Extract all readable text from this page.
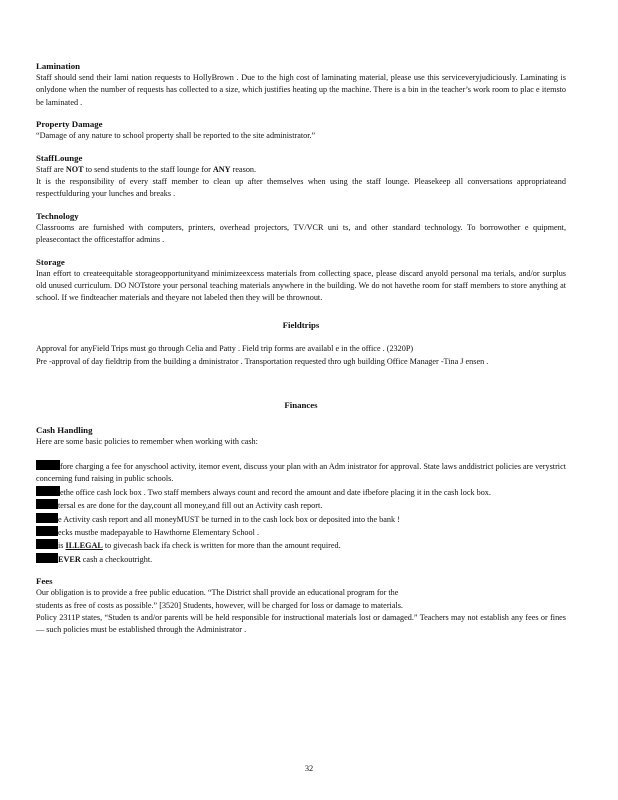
Lamination

Staff should send their lami nation requests to HollyBrown . Due to the high cost of laminating material, please use this serviceveryjudiciously. Laminating is onlydone when the number of requests has collected to a size, which justifies heating up the machine. There is a bin in the teacher’s work room to plac e itemsto be laminated .

Property Damage

“Damage of any nature to school property shall be reported to the site administrator.”

StaffLounge

Staff are NOT to send students to the staff lounge for ANY reason.

It is the responsibility of every staff member to clean up after themselves when using the staff lounge. Pleasekeep all conversations appropriateand respectfulduring your lunches and breaks .

Technology

Classrooms are furnished with computers, printers, overhead projectors, TV/VCR uni ts, and other standard technology. To borrowother e quipment, pleasecontact the officestaffor admins .

Storage

Inan effort to createequitable storageopportunityand minimizeexcess materials from collecting space, please discard anyold personal ma terials, and/or surplus old unused curriculum. DO NOTstore your personal teaching materials anywhere in the building. We do not havethe room for staff members to store anything at school. If we findteacher materials and theyare not labeled then they will be thrownout.

Fieldtrips

Approval for anyField Trips must go through Celia and Patty . Field trip forms are availabl e in the office . (2320P)

Pre -approval of day fieldtrip from the building a dministrator . Transportation requested thro ugh building Office Manager -Tina J ensen .

Finances
Cash Handling

Here are some basic policies to remember when working with cash:

fore charging a fee for anyschool activity, itemor event, discuss your plan with an Adm inistrator for approval. State laws anddistrict policies are verystrict concerning fund raising in public schools.

ethe office cash lock box . Two staff members always count and record the amount and date ifbefore placing it in the cash lock box.

tersal es are done for the day,count all money,and fill out an Activity cash report.

e Activity cash report and all moneyMUST be turned in to the cash lock box or deposited into the bank !

ecks mustbe madepayable to Hawthorne Elementary School .

is ILLEGAL to givecash back ifa check is written for more than the amount required.

EVER cash a checkoutright.

Fees

Our obligation is to provide a free public education. “The District shall provide an educational program for the

students as free of costs as possible.” [3520] Students, however, will be charged for loss or damage to materials.

Policy 2311P states, “Studen ts and/or parents will be held responsible for instructional materials lost or damaged.” Teachers may not establish any fees or fines — such policies must be established through the Administrator .

32
